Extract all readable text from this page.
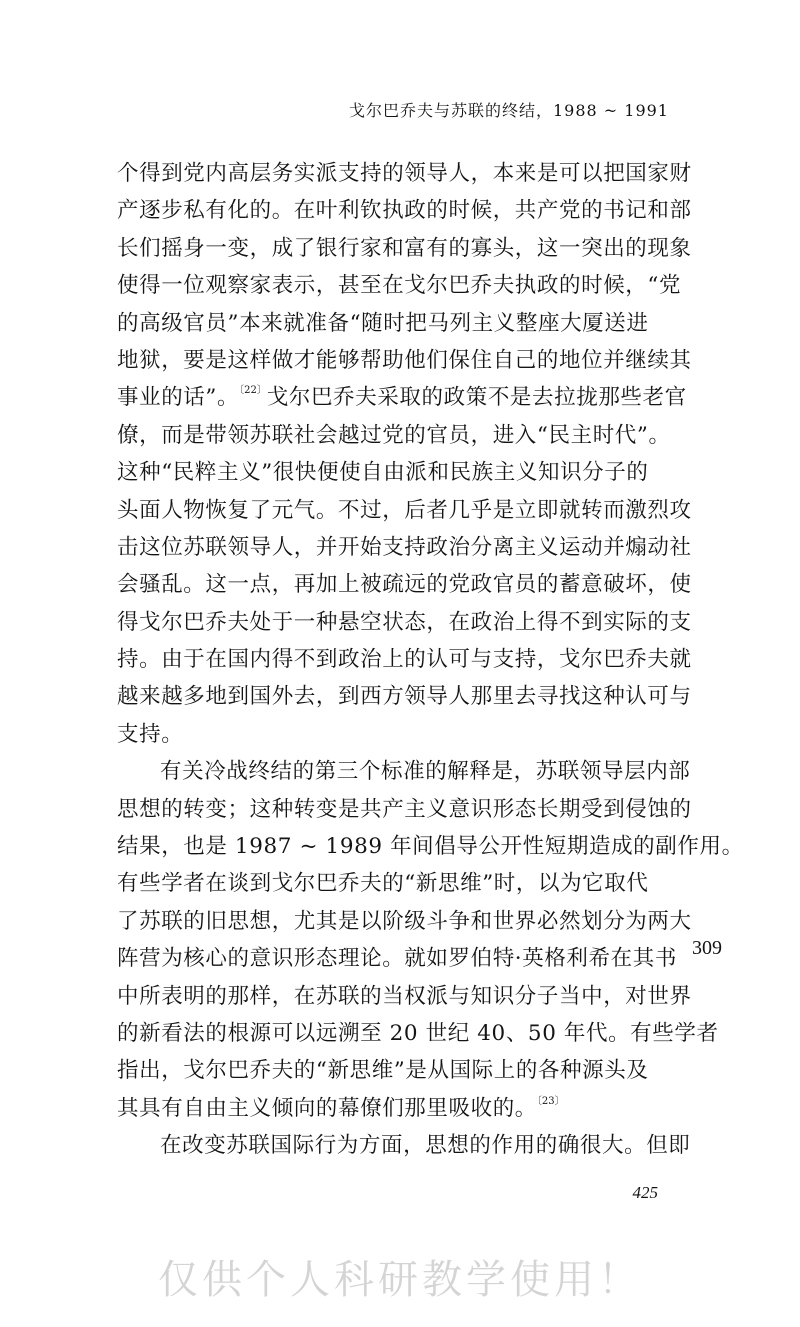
戈尔巴乔夫与苏联的终结，1988 ~ 1991
个得到党内高层务实派支持的领导人，本来是可以把国家财
产逐步私有化的。在叶利钦执政的时候，共产党的书记和部
长们摇身一变，成了银行家和富有的寡头，这一突出的现象
使得一位观察家表示，甚至在戈尔巴乔夫执政的时候，“党
的高级官员”本来就准备“随时把马列主义整座大厦送进
地狱，要是这样做才能够帮助他们保住自己的地位并继续其
事业的话”。$^{〔22〕}$戈尔巴乔夫采取的政策不是去拉拢那些老官
僚，而是带领苏联社会越过党的官员，进入“民主时代”。
这种“民粹主义”很快便使自由派和民族主义知识分子的
头面人物恢复了元气。不过，后者几乎是立即就转而激烈攻
击这位苏联领导人，并开始支持政治分离主义运动并煽动社
会骚乱。这一点，再加上被疏远的党政官员的蓄意破坏，使
得戈尔巴乔夫处于一种悬空状态，在政治上得不到实际的支
持。由于在国内得不到政治上的认可与支持，戈尔巴乔夫就
越来越多地到国外去，到西方领导人那里去寻找这种认可与
支持。
有关冷战终结的第三个标准的解释是，苏联领导层内部
思想的转变；这种转变是共产主义意识形态长期受到侵蚀的
结果，也是 1987 ~ 1989 年间倡导公开性短期造成的副作用。
有些学者在谈到戈尔巴乔夫的“新思维”时，以为它取代
了苏联的旧思想，尤其是以阶级斗争和世界必然划分为两大
阵营为核心的意识形态理论。就如罗伯特·英格利希在其书
中所表明的那样，在苏联的当权派与知识分子当中，对世界
的新看法的根源可以远溯至 20 世纪 40、50 年代。有些学者
指出，戈尔巴乔夫的“新思维”是从国际上的各种源头及
其具有自由主义倾向的幕僚们那里吸收的。$^{〔23〕}$
在改变苏联国际行为方面，思想的作用的确很大。但即
309
425
仅供个人科研教学使用！
